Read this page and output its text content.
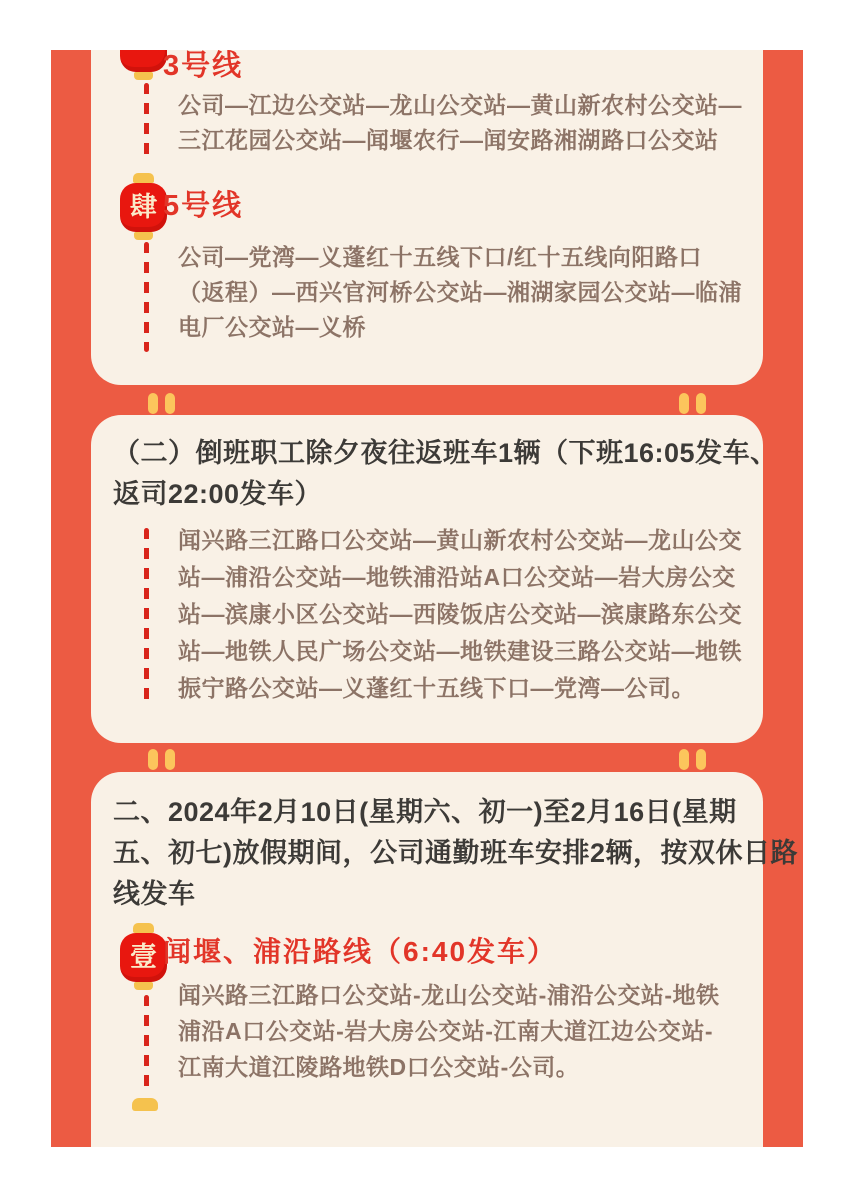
3号线
公司—江边公交站—龙山公交站—黄山新农村公交站—
三江花园公交站—闻堰农行—闻安路湘湖路口公交站
肆 5号线
公司—党湾—义蓬红十五线下口/红十五线向阳路口
（返程）—西兴官河桥公交站—湘湖家园公交站—临浦
电厂公交站—义桥
（二）倒班职工除夕夜往返班车1辆（下班16:05发车、
返司22:00发车）
闻兴路三江路口公交站—黄山新农村公交站—龙山公交
站—浦沿公交站—地铁浦沿站A口公交站—岩大房公交
站—滨康小区公交站—西陵饭店公交站—滨康路东公交
站—地铁人民广场公交站—地铁建设三路公交站—地铁
振宁路公交站—义蓬红十五线下口—党湾—公司。
二、2024年2月10日(星期六、初一)至2月16日(星期
五、初七)放假期间，公司通勤班车安排2辆，按双休日路
线发车
壹 闻堰、浦沿路线（6:40发车）
闻兴路三江路口公交站-龙山公交站-浦沿公交站-地铁
浦沿A口公交站-岩大房公交站-江南大道江边公交站-
江南大道江陵路地铁D口公交站-公司。
